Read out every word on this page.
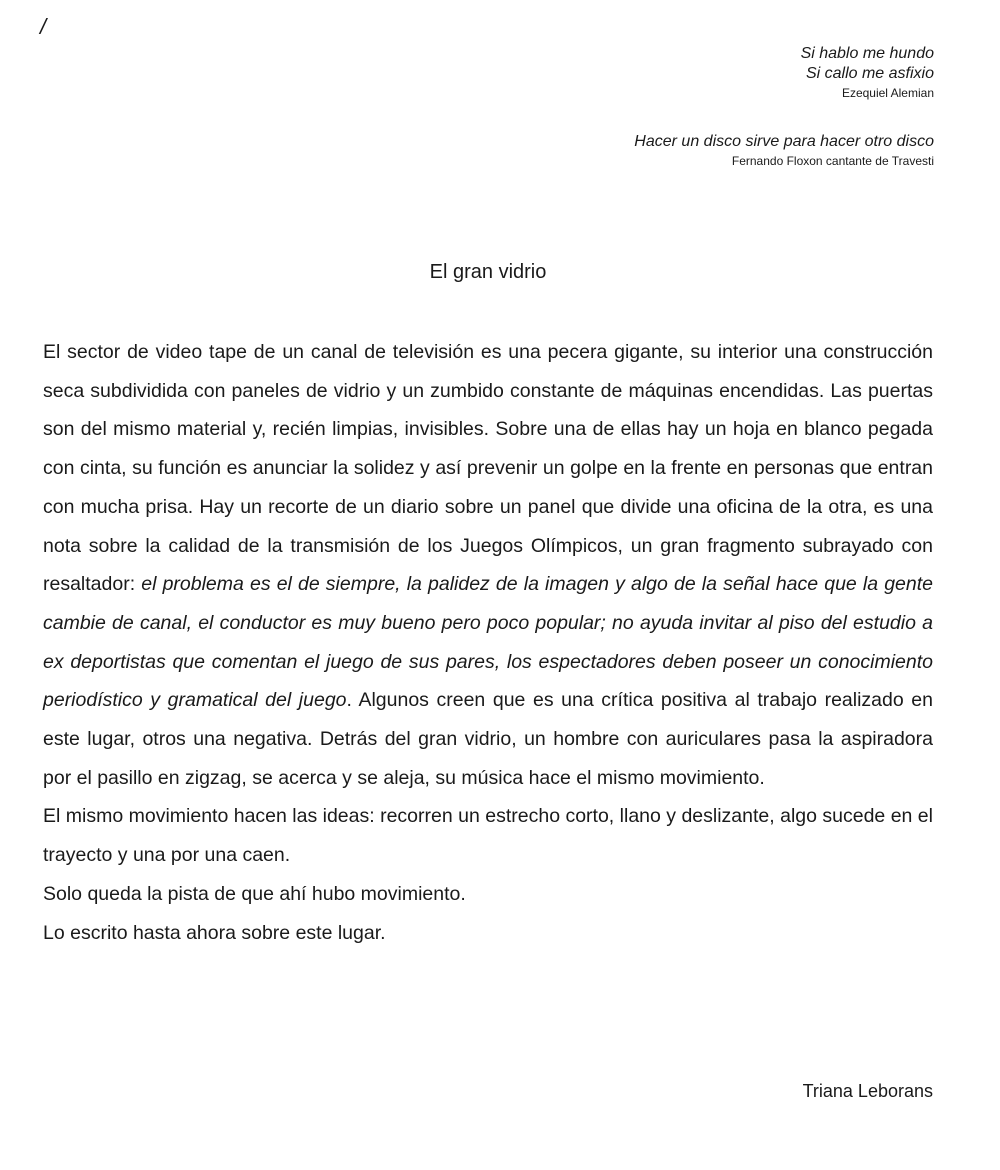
/
Si hablo me hundo
Si callo me asfixio
Ezequiel Alemian
Hacer un disco sirve para hacer otro disco
Fernando Floxon cantante de Travesti
El gran vidrio

El sector de video tape de un canal de televisión es una pecera gigante, su interior una construcción seca subdividida con paneles de vidrio y un zumbido constante de máquinas encendidas. Las puertas son del mismo material y, recién limpias, invisibles. Sobre una de ellas hay un hoja en blanco pegada con cinta, su función es anunciar la solidez y así prevenir un golpe en la frente en personas que entran con mucha prisa. Hay un recorte de un diario sobre un panel que divide una oficina de la otra, es una nota sobre la calidad de la transmisión de los Juegos Olímpicos, un gran fragmento subrayado con resaltador: el problema es el de siempre, la palidez de la imagen y algo de la señal hace que la gente cambie de canal, el conductor es muy bueno pero poco popular; no ayuda invitar al piso del estudio a ex deportistas que comentan el juego de sus pares, los espectadores deben poseer un conocimiento periodístico y gramatical del juego. Algunos creen que es una crítica positiva al trabajo realizado en este lugar, otros una negativa. Detrás del gran vidrio, un hombre con auriculares pasa la aspiradora por el pasillo en zigzag, se acerca y se aleja, su música hace el mismo movimiento.

El mismo movimiento hacen las ideas: recorren un estrecho corto, llano y deslizante, algo sucede en el trayecto y una por una caen.

Solo queda la pista de que ahí hubo movimiento.

Lo escrito hasta ahora sobre este lugar.

Triana Leborans
